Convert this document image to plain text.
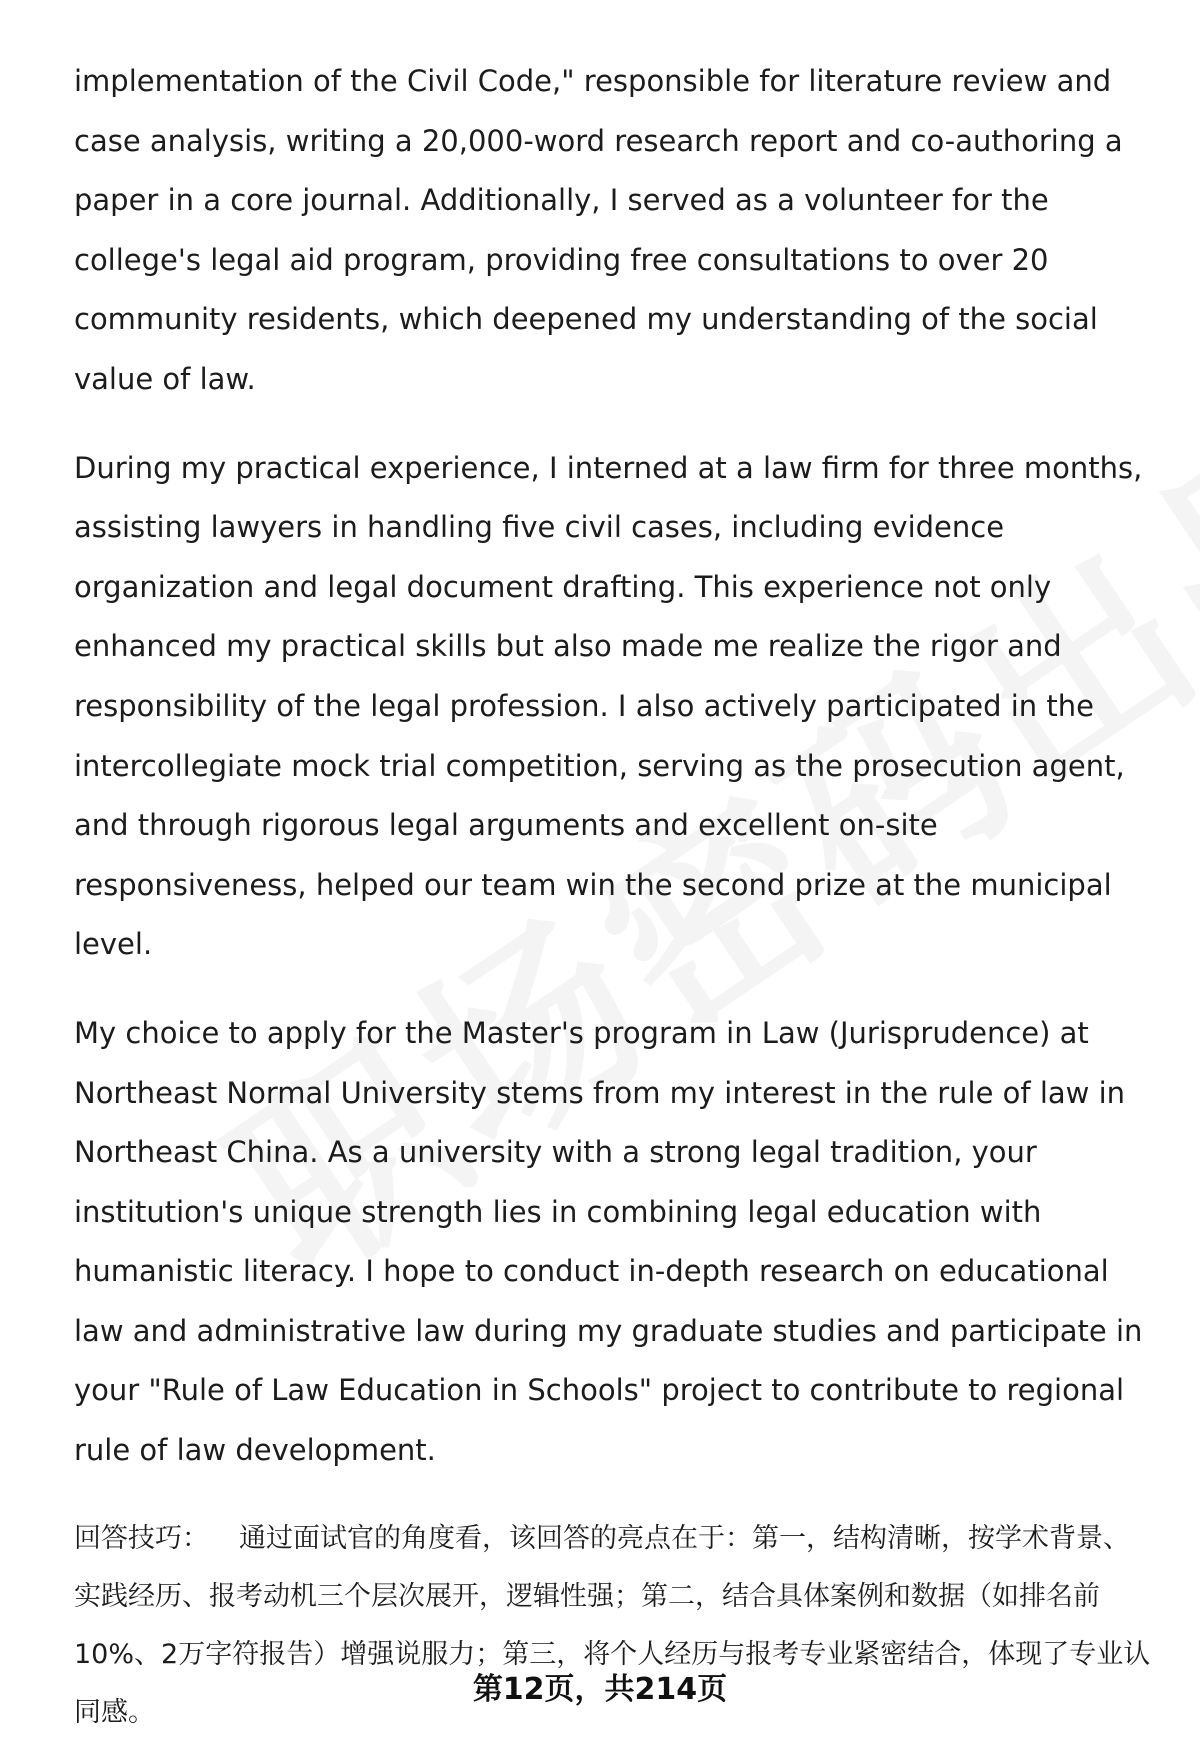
implementation of the Civil Code," responsible for literature review and case analysis, writing a 20,000-word research report and co-authoring a paper in a core journal. Additionally, I served as a volunteer for the college's legal aid program, providing free consultations to over 20 community residents, which deepened my understanding of the social value of law.

During my practical experience, I interned at a law firm for three months, assisting lawyers in handling five civil cases, including evidence organization and legal document drafting. This experience not only enhanced my practical skills but also made me realize the rigor and responsibility of the legal profession. I also actively participated in the intercollegiate mock trial competition, serving as the prosecution agent, and through rigorous legal arguments and excellent on-site responsiveness, helped our team win the second prize at the municipal level.

My choice to apply for the Master's program in Law (Jurisprudence) at Northeast Normal University stems from my interest in the rule of law in Northeast China. As a university with a strong legal tradition, your institution's unique strength lies in combining legal education with humanistic literacy. I hope to conduct in-depth research on educational law and administrative law during my graduate studies and participate in your "Rule of Law Education in Schools" project to contribute to regional rule of law development.

回答技巧： 通过面试官的角度看，该回答的亮点在于：第一，结构清晰，按学术背景、实践经历、报考动机三个层次展开，逻辑性强；第二，结合具体案例和数据（如排名前10%、2万字符报告）增强说服力；第三，将个人经历与报考专业紧密结合，体现了专业认同感。

第12页，共214页
